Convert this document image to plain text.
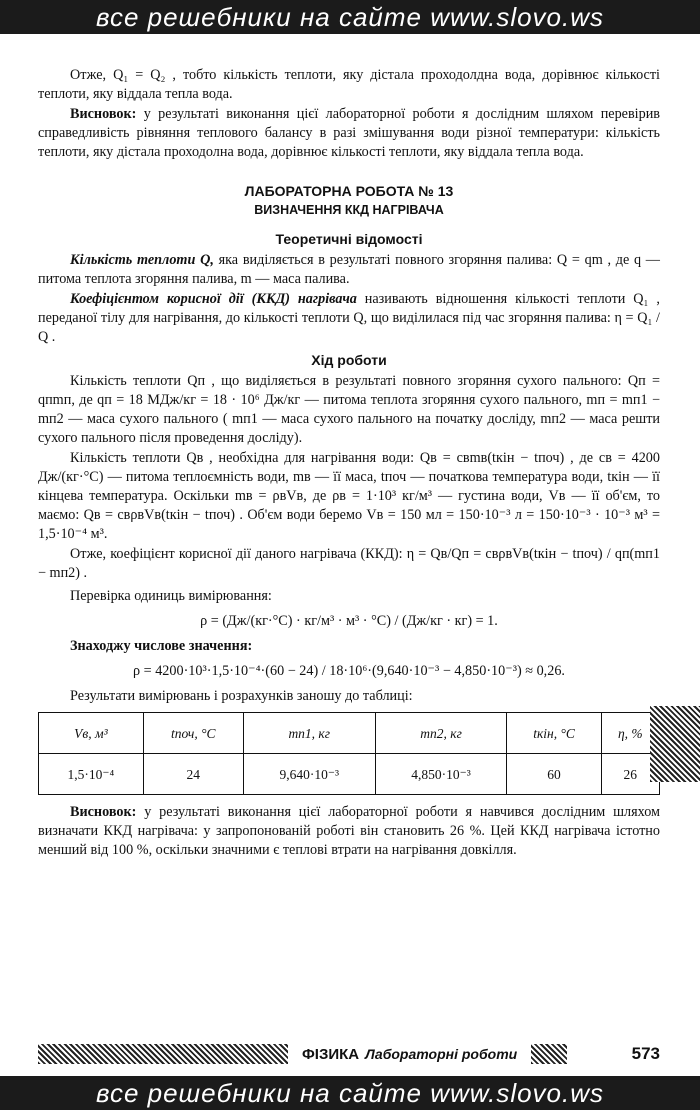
все решебники на сайте www.slovo.ws

Отже, Q₁ = Q₂ , тобто кількість теплоти, яку дістала проходолдна вода, дорівнює кількості теплоти, яку віддала тепла вода.

Висновок: у результаті виконання цієї лабораторної роботи я дослідним шляхом перевірив справедливість рівняння теплового балансу в разі змішування води різної температури: кількість теплоти, яку дістала проходолна вода, дорівнює кількості теплоти, яку віддала тепла вода.

ЛАБОРАТОРНА РОБОТА № 13
ВИЗНАЧЕННЯ ККД НАГРІВАЧА
Теоретичні відомості

Кількість теплоти Q, яка виділяється в результаті повного згоряння палива: Q = qm , де q — питома теплота згоряння палива, m — маса палива.

Коефіцієнтом корисної дії (ККД) нагрівача називають відношення кількості теплоти Q₁ , переданої тілу для нагрівання, до кількості теплоти Q, що виділилася під час згоряння палива: η = Q₁ / Q .

Хід роботи

Кількість теплоти Qп , що виділяється в результаті повного згоряння сухого пального: Qп = qпmп, де qп = 18 МДж/кг = 18 · 10⁶ Дж/кг — питома теплота згоряння сухого пального, mп = mп1 − mп2 — маса сухого пального ( mп1 — маса сухого пального на початку досліду, mп2 — маса решти сухого пального після проведення досліду).

Кількість теплоти Qв , необхідна для нагрівання води: Qв = cвmв(tкін − tпоч) , де cв = 4200 Дж/(кг·°С) — питома теплоємність води, mв — її маса, tпоч — початкова температура води, tкін — її кінцева температура. Оскільки mв = ρвVв, де ρв = 1·10³ кг/м³ — густина води, Vв — її об'єм, то маємо: Qв = cвρвVв(tкін − tпоч) . Об'єм води беремо Vв = 150 мл = 150·10⁻³ л = 150·10⁻³ · 10⁻³ м³ = 1,5·10⁻⁴ м³.

Отже, коефіцієнт корисної дії даного нагрівача (ККД): η = Qв/Qп = cвρвVв(tкін − tпоч) / qп(mп1 − mп2) .

Перевірка одиниць вимірювання:

ρ = (Дж/(кг·°С) · кг/м³ · м³ · °С) / (Дж/кг · кг) = 1.

Знаходжу числове значення:

ρ = 4200·10³·1,5·10⁻⁴·(60 − 24) / 18·10⁶·(9,640·10⁻³ − 4,850·10⁻³) ≈ 0,26.

Результати вимірювань і розрахунків заношу до таблиці:

Vв, м³	tпоч, °С	mп1, кг	mп2, кг	tкін, °С	η, %
1,5·10⁻⁴	24	9,640·10⁻³	4,850·10⁻³	60	26

Висновок: у результаті виконання цієї лабораторної роботи я навчився дослідним шляхом визначати ККД нагрівача: у запропонованій роботі він становить 26 %. Цей ККД нагрівача істотно менший від 100 %, оскільки значними є теплові втрати на нагрівання довкілля.

ФІЗИКА Лабораторні роботи	573
все решебники на сайте www.slovo.ws
